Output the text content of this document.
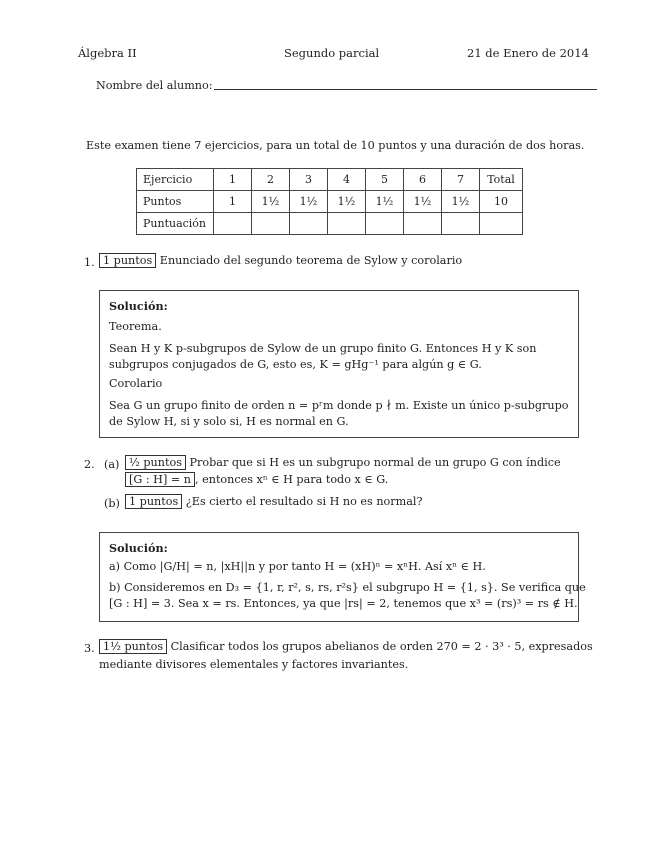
Álgebra II	Segundo parcial	21 de Enero de 2014
Nombre del alumno:
Este examen tiene 7 ejercicios, para un total de 10 puntos y una duración de dos horas.
Ejercicio	1	2	3	4	5	6	7	Total
Puntos	1	1½	1½	1½	1½	1½	1½	10
Puntuación								
1. 1 puntos Enunciado del segundo teorema de Sylow y corolario
Solución:
Teorema.
Sean H y K p-subgrupos de Sylow de un grupo finito G. Entonces H y K son
subgrupos conjugados de G, esto es, K = gHg⁻¹ para algún g ∈ G.
Corolario
Sea G un grupo finito de orden n = pʳm donde p ∤ m. Existe un único p-subgrupo
de Sylow H, si y solo si, H es normal en G.
2. (a) ½ puntos Probar que si H es un subgrupo normal de un grupo G con índice
[G : H] = n , entonces xⁿ ∈ H para todo x ∈ G.
(b) 1 puntos ¿Es cierto el resultado si H no es normal?
Solución:
a) Como |G/H| = n, |xH||n y por tanto H = (xH)ⁿ = xⁿH. Así xⁿ ∈ H.
b) Consideremos en D₃ = {1, r, r², s, rs, r²s} el subgrupo H = {1, s}. Se verifica que
[G : H] = 3. Sea x = rs. Entonces, ya que |rs| = 2, tenemos que x³ = (rs)³ = rs ∉ H.
3. 1½ puntos Clasificar todos los grupos abelianos de orden 270 = 2 · 3³ · 5, expresados
mediante divisores elementales y factores invariantes.
